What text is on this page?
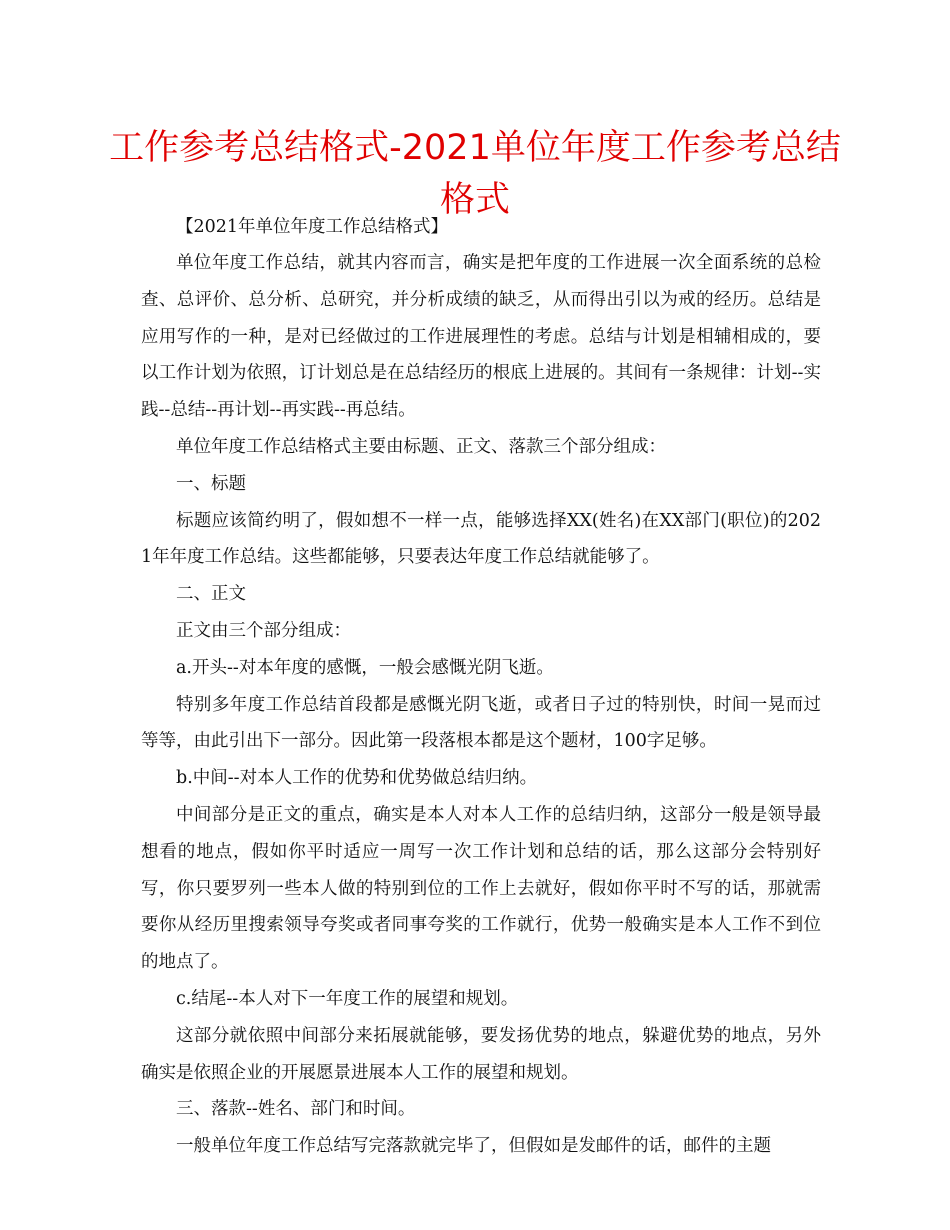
工作参考总结格式-2021单位年度工作参考总结格式

【2021年单位年度工作总结格式】

单位年度工作总结，就其内容而言，确实是把年度的工作进展一次全面系统的总检查、总评价、总分析、总研究，并分析成绩的缺乏，从而得出引以为戒的经历。总结是应用写作的一种，是对已经做过的工作进展理性的考虑。总结与计划是相辅相成的，要以工作计划为依照，订计划总是在总结经历的根底上进展的。其间有一条规律：计划--实践--总结--再计划--再实践--再总结。

单位年度工作总结格式主要由标题、正文、落款三个部分组成：

一、标题

标题应该简约明了，假如想不一样一点，能够选择XX(姓名)在XX部门(职位)的2021年年度工作总结。这些都能够，只要表达年度工作总结就能够了。

二、正文

正文由三个部分组成：

a.开头--对本年度的感慨，一般会感慨光阴飞逝。

特别多年度工作总结首段都是感慨光阴飞逝，或者日子过的特别快，时间一晃而过等等，由此引出下一部分。因此第一段落根本都是这个题材，100字足够。

b.中间--对本人工作的优势和优势做总结归纳。

中间部分是正文的重点，确实是本人对本人工作的总结归纳，这部分一般是领导最想看的地点，假如你平时适应一周写一次工作计划和总结的话，那么这部分会特别好写，你只要罗列一些本人做的特别到位的工作上去就好，假如你平时不写的话，那就需要你从经历里搜索领导夸奖或者同事夸奖的工作就行，优势一般确实是本人工作不到位的地点了。

c.结尾--本人对下一年度工作的展望和规划。

这部分就依照中间部分来拓展就能够，要发扬优势的地点，躲避优势的地点，另外确实是依照企业的开展愿景进展本人工作的展望和规划。

三、落款--姓名、部门和时间。

一般单位年度工作总结写完落款就完毕了，但假如是发邮件的话，邮件的主题
